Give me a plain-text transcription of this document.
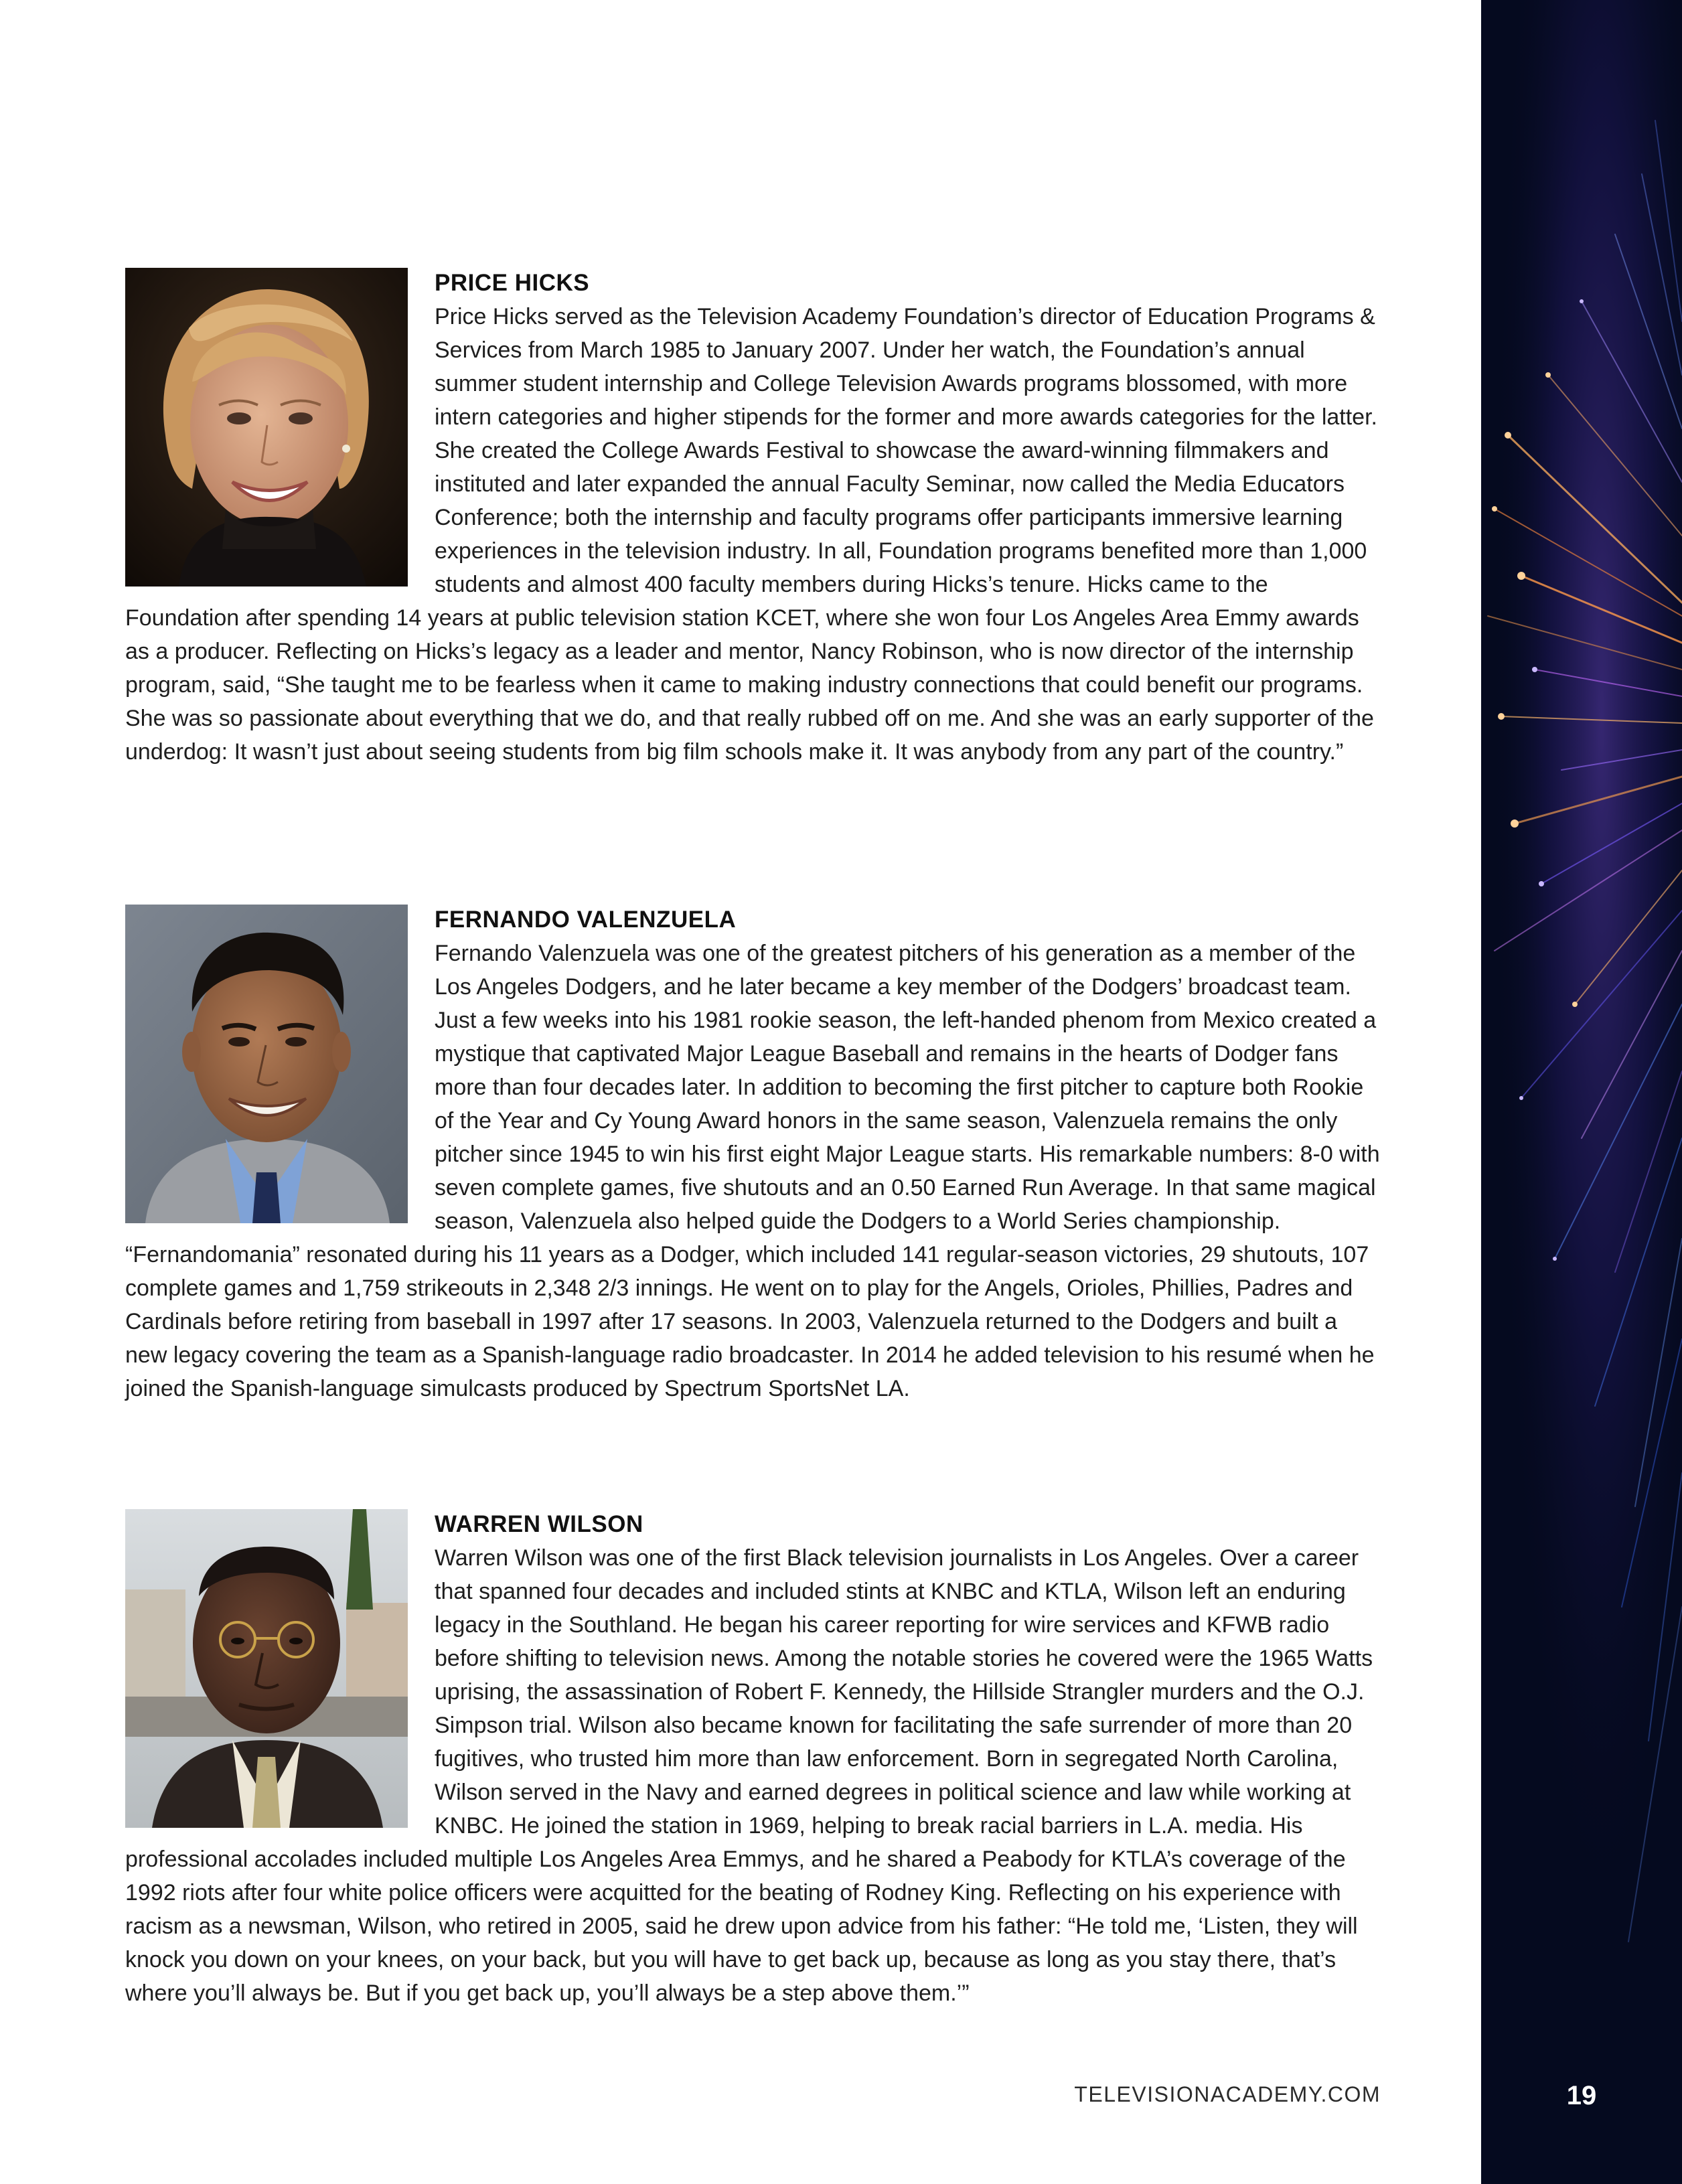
PRICE HICKS

Price Hicks served as the Television Academy Foundation’s director of Education Programs & Services from March 1985 to January 2007. Under her watch, the Foundation’s annual summer student internship and College Television Awards programs blossomed, with more intern categories and higher stipends for the former and more awards categories for the latter. She created the College Awards Festival to showcase the award-winning filmmakers and instituted and later expanded the annual Faculty Seminar, now called the Media Educators Conference; both the internship and faculty programs offer participants immersive learning experiences in the television industry. In all, Foundation programs benefited more than 1,000 students and almost 400 faculty members during Hicks’s tenure. Hicks came to the Foundation after spending 14 years at public television station KCET, where she won four Los Angeles Area Emmy awards as a producer. Reflecting on Hicks’s legacy as a leader and mentor, Nancy Robinson, who is now director of the internship program, said, “She taught me to be fearless when it came to making industry connections that could benefit our programs. She was so passionate about everything that we do, and that really rubbed off on me. And she was an early supporter of the underdog: It wasn’t just about seeing students from big film schools make it. It was anybody from any part of the country.”

FERNANDO VALENZUELA

Fernando Valenzuela was one of the greatest pitchers of his generation as a member of the Los Angeles Dodgers, and he later became a key member of the Dodgers’ broadcast team. Just a few weeks into his 1981 rookie season, the left-handed phenom from Mexico created a mystique that captivated Major League Baseball and remains in the hearts of Dodger fans more than four decades later. In addition to becoming the first pitcher to capture both Rookie of the Year and Cy Young Award honors in the same season, Valenzuela remains the only pitcher since 1945 to win his first eight Major League starts. His remarkable numbers: 8-0 with seven complete games, five shutouts and an 0.50 Earned Run Average. In that same magical season, Valenzuela also helped guide the Dodgers to a World Series championship. “Fernandomania” resonated during his 11 years as a Dodger, which included 141 regular-season victories, 29 shutouts, 107 complete games and 1,759 strikeouts in 2,348 2/3 innings. He went on to play for the Angels, Orioles, Phillies, Padres and Cardinals before retiring from baseball in 1997 after 17 seasons. In 2003, Valenzuela returned to the Dodgers and built a new legacy covering the team as a Spanish-language radio broadcaster. In 2014 he added television to his resumé when he joined the Spanish-language simulcasts produced by Spectrum SportsNet LA.

WARREN WILSON

Warren Wilson was one of the first Black television journalists in Los Angeles. Over a career that spanned four decades and included stints at KNBC and KTLA, Wilson left an enduring legacy in the Southland. He began his career reporting for wire services and KFWB radio before shifting to television news. Among the notable stories he covered were the 1965 Watts uprising, the assassination of Robert F. Kennedy, the Hillside Strangler murders and the O.J. Simpson trial. Wilson also became known for facilitating the safe surrender of more than 20 fugitives, who trusted him more than law enforcement. Born in segregated North Carolina, Wilson served in the Navy and earned degrees in political science and law while working at KNBC. He joined the station in 1969, helping to break racial barriers in L.A. media. His professional accolades included multiple Los Angeles Area Emmys, and he shared a Peabody for KTLA’s coverage of the 1992 riots after four white police officers were acquitted for the beating of Rodney King. Reflecting on his experience with racism as a newsman, Wilson, who retired in 2005, said he drew upon advice from his father: “He told me, ‘Listen, they will knock you down on your knees, on your back, but you will have to get back up, because as long as you stay there, that’s where you’ll always be. But if you get back up, you’ll always be a step above them.’”

TELEVISIONACADEMY.COM	19
